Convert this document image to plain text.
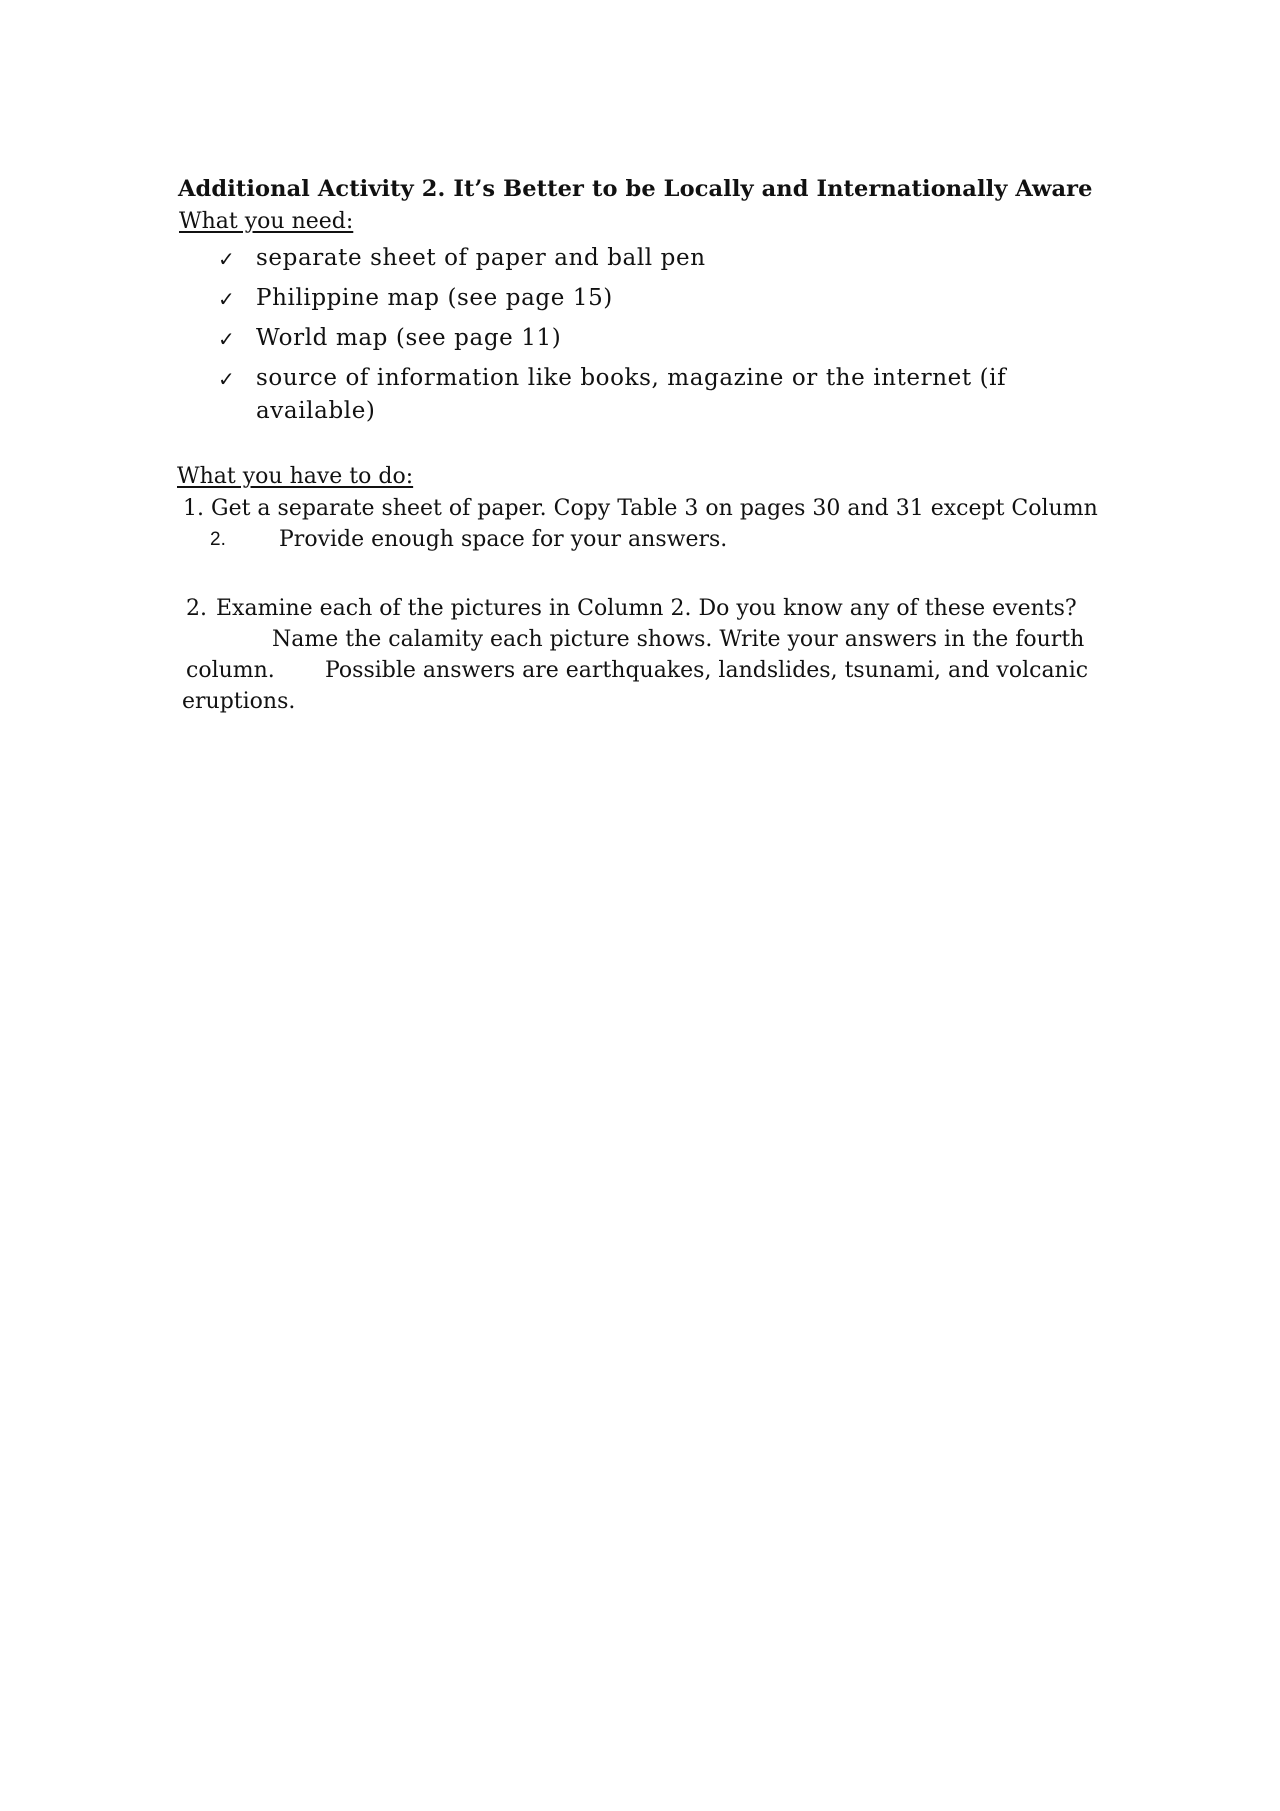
Additional Activity 2. It’s Better to be Locally and Internationally Aware
What you need:
✓ separate sheet of paper and ball pen
✓ Philippine map (see page 15)
✓ World map (see page 11)
✓ source of information like books, magazine or the internet (if
available)
What you have to do:
1. Get a separate sheet of paper. Copy Table 3 on pages 30 and 31 except Column
2. Provide enough space for your answers.
2. Examine each of the pictures in Column 2. Do you know any of these events?
Name the calamity each picture shows. Write your answers in the fourth
column. Possible answers are earthquakes, landslides, tsunami, and volcanic
eruptions.
